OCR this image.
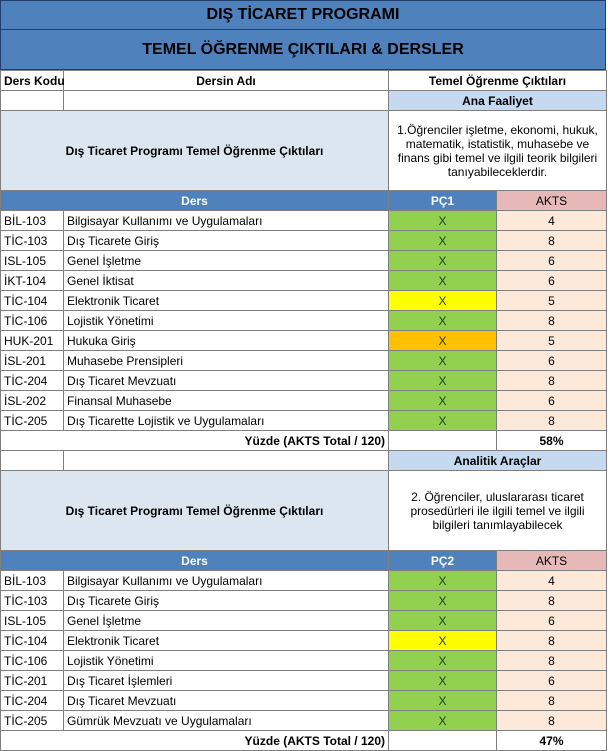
DIŞ TİCARET PROGRAMI
TEMEL ÖĞRENME ÇIKTILARI & DERSLER
Ders Kodu	Dersin Adı	Temel Öğrenme Çıktıları	
		Ana Faaliyet	
Dış Ticaret Programı Temel Öğrenme Çıktıları		1.Öğrenciler işletme, ekonomi, hukuk, matematik, istatistik, muhasebe ve finans gibi temel ve ilgili teorik bilgileri tanıyabileceklerdir.	
Ders		PÇ1	AKTS
BİL-103	Bilgisayar Kullanımı ve Uygulamaları	X	4
TİC-103	Dış Ticarete Giriş	X	8
ISL-105	Genel İşletme	X	6
İKT-104	Genel İktisat	X	6
TİC-104	Elektronik Ticaret	X	5
TİC-106	Lojistik Yönetimi	X	8
HUK-201	Hukuka Giriş	X	5
İSL-201	Muhasebe Prensipleri	X	6
TİC-204	Dış Ticaret Mevzuatı	X	8
İSL-202	Finansal Muhasebe	X	6
TİC-205	Dış Ticarette Lojistik ve Uygulamaları	X	8
Yüzde (AKTS Total / 120)			58%
		Analitik Araçlar	
Dış Ticaret Programı Temel Öğrenme Çıktıları		2. Öğrenciler, uluslararası ticaret prosedürleri ile ilgili temel ve ilgili bilgileri tanımlayabilecek	
Ders		PÇ2	AKTS
BİL-103	Bilgisayar Kullanımı ve Uygulamaları	X	4
TİC-103	Dış Ticarete Giriş	X	8
ISL-105	Genel İşletme	X	6
TİC-104	Elektronik Ticaret	X	8
TİC-106	Lojistik Yönetimi	X	8
TİC-201	Dış Ticaret İşlemleri	X	6
TİC-204	Dış Ticaret Mevzuatı	X	8
TİC-205	Gümrük Mevzuatı ve Uygulamaları	X	8
Yüzde (AKTS Total / 120)			47%
